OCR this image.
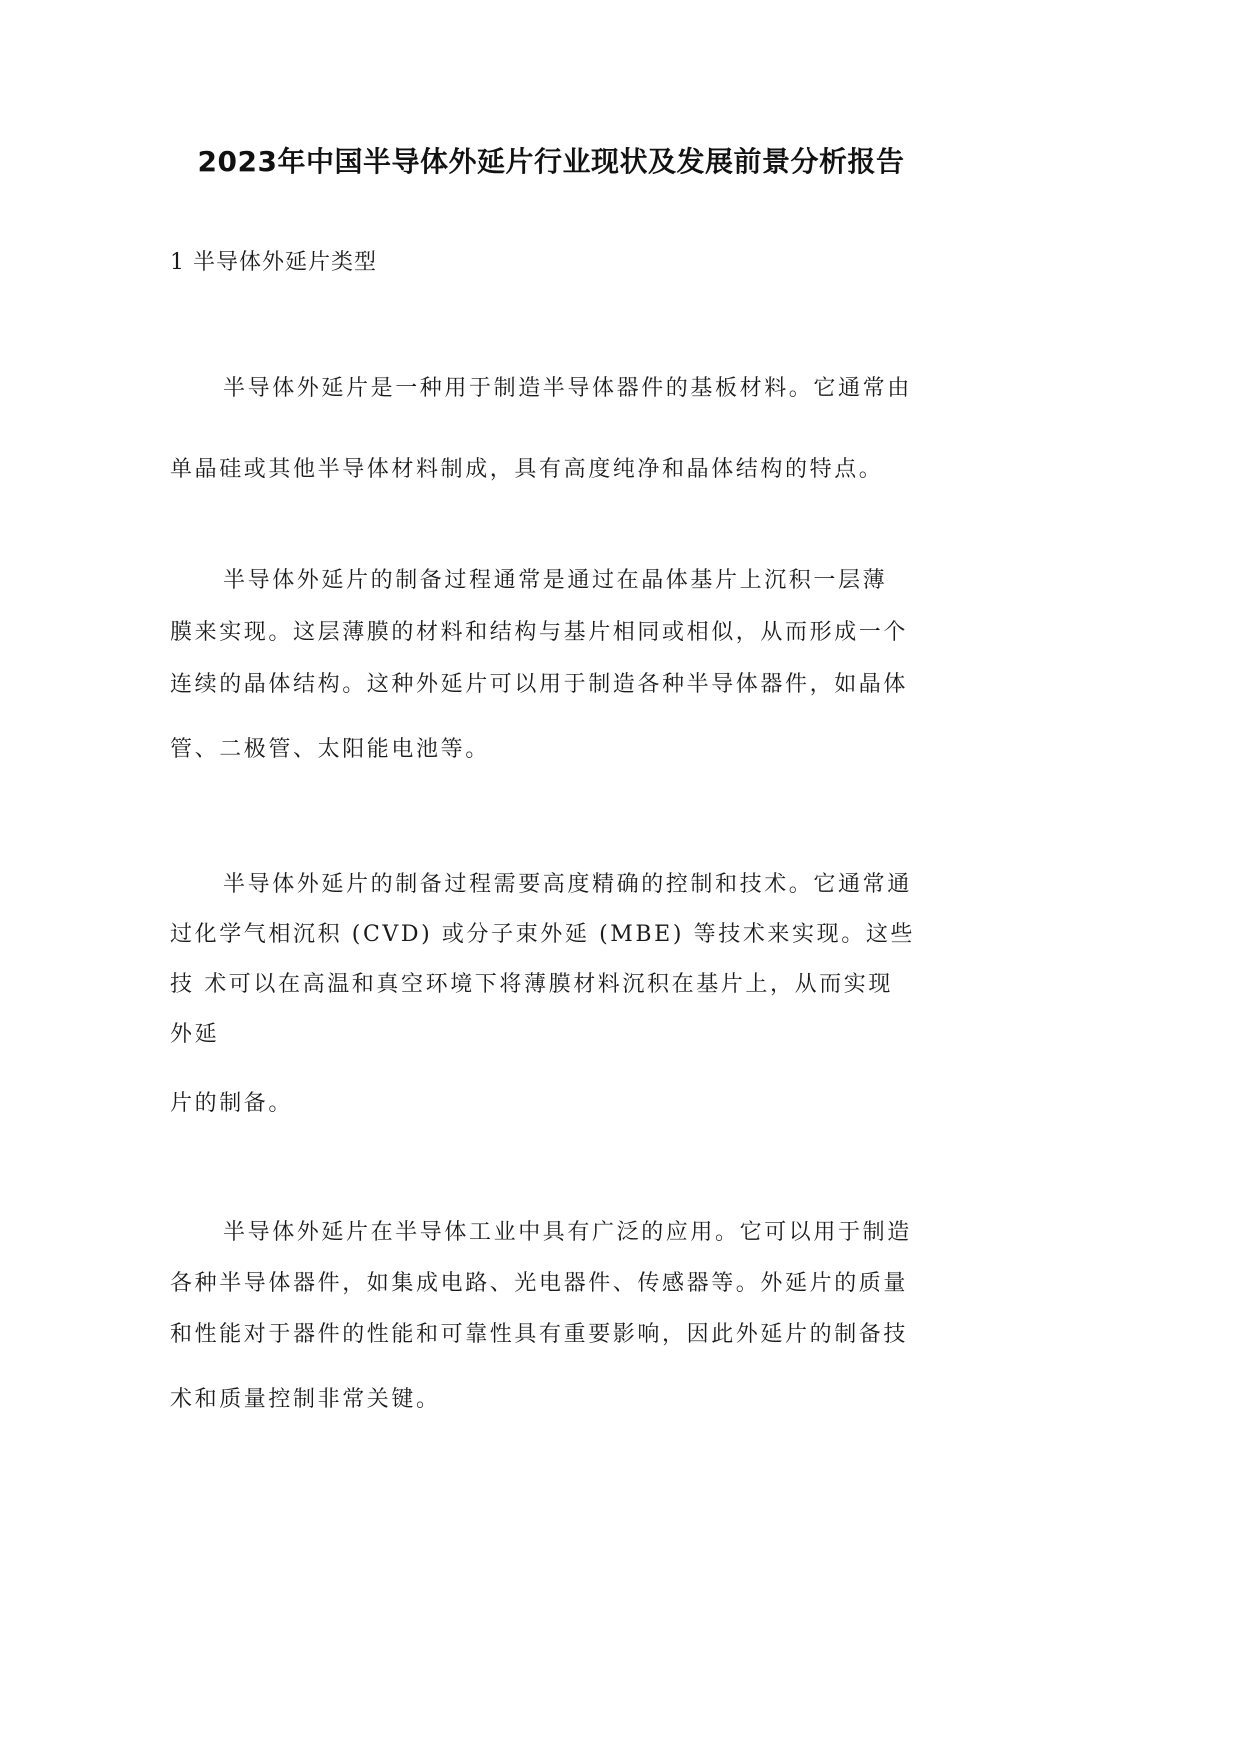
2023年中国半导体外延片行业现状及发展前景分析报告
1 半导体外延片类型
半导体外延片是一种用于制造半导体器件的基板材料。它通常由
单晶硅或其他半导体材料制成，具有高度纯净和晶体结构的特点。
半导体外延片的制备过程通常是通过在晶体基片上沉积一层薄
膜来实现。这层薄膜的材料和结构与基片相同或相似，从而形成一个
连续的晶体结构。这种外延片可以用于制造各种半导体器件，如晶体
管、二极管、太阳能电池等。
半导体外延片的制备过程需要高度精确的控制和技术。它通常通
过化学气相沉积 (CVD) 或分子束外延 (MBE) 等技术来实现。这些
技 术可以在高温和真空环境下将薄膜材料沉积在基片上，从而实现
外延
片的制备。
半导体外延片在半导体工业中具有广泛的应用。它可以用于制造
各种半导体器件，如集成电路、光电器件、传感器等。外延片的质量
和性能对于器件的性能和可靠性具有重要影响，因此外延片的制备技
术和质量控制非常关键。
